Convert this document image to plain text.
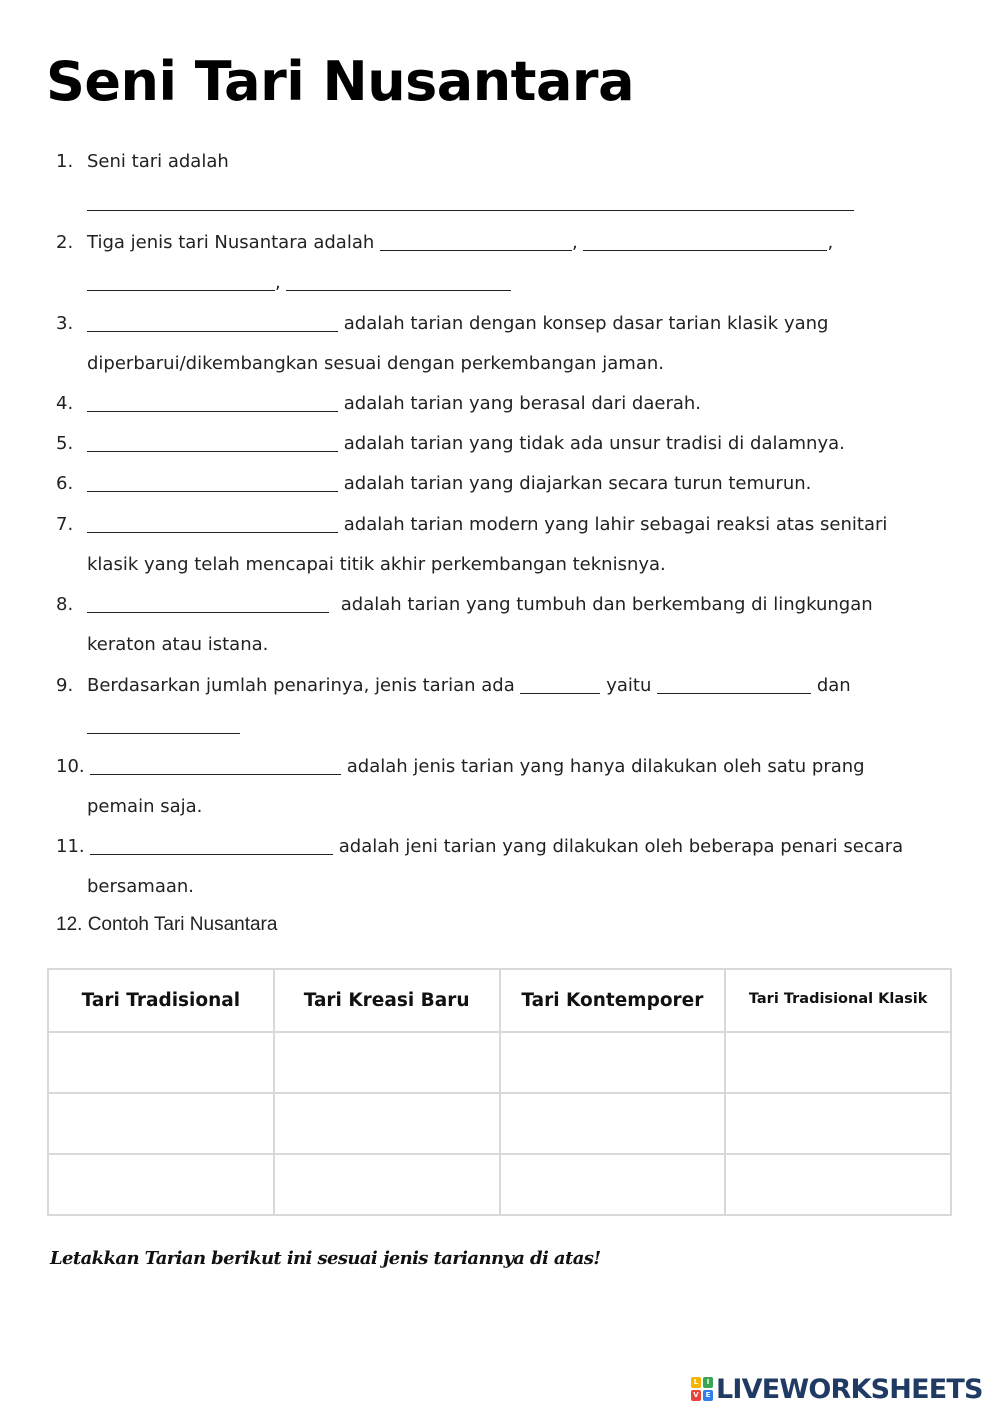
Seni Tari Nusantara
1. Seni tari adalah
2. Tiga jenis tari Nusantara adalah	,	,
,
3.	adalah tarian dengan konsep dasar tarian klasik yang
diperbarui/dikembangkan sesuai dengan perkembangan jaman.
4.	adalah tarian yang berasal dari daerah.
5.	adalah tarian yang tidak ada unsur tradisi di dalamnya.
6.	adalah tarian yang diajarkan secara turun temurun.
7.	adalah tarian modern yang lahir sebagai reaksi atas senitari
klasik yang telah mencapai titik akhir perkembangan teknisnya.
8.	adalah tarian yang tumbuh dan berkembang di lingkungan
keraton atau istana.
9. Berdasarkan jumlah penarinya, jenis tarian ada	yaitu	dan

10.	adalah jenis tarian yang hanya dilakukan oleh satu prang
pemain saja.
11.	adalah jeni tarian yang dilakukan oleh beberapa penari secara
bersamaan.
12. Contoh Tari Nusantara
Tari Tradisional	Tari Kreasi Baru	Tari Kontemporer	Tari Tradisional Klasik

Letakkan Tarian berikut ini sesuai jenis tariannya di atas!
L	I
V E LIVEWORKSHEETS
